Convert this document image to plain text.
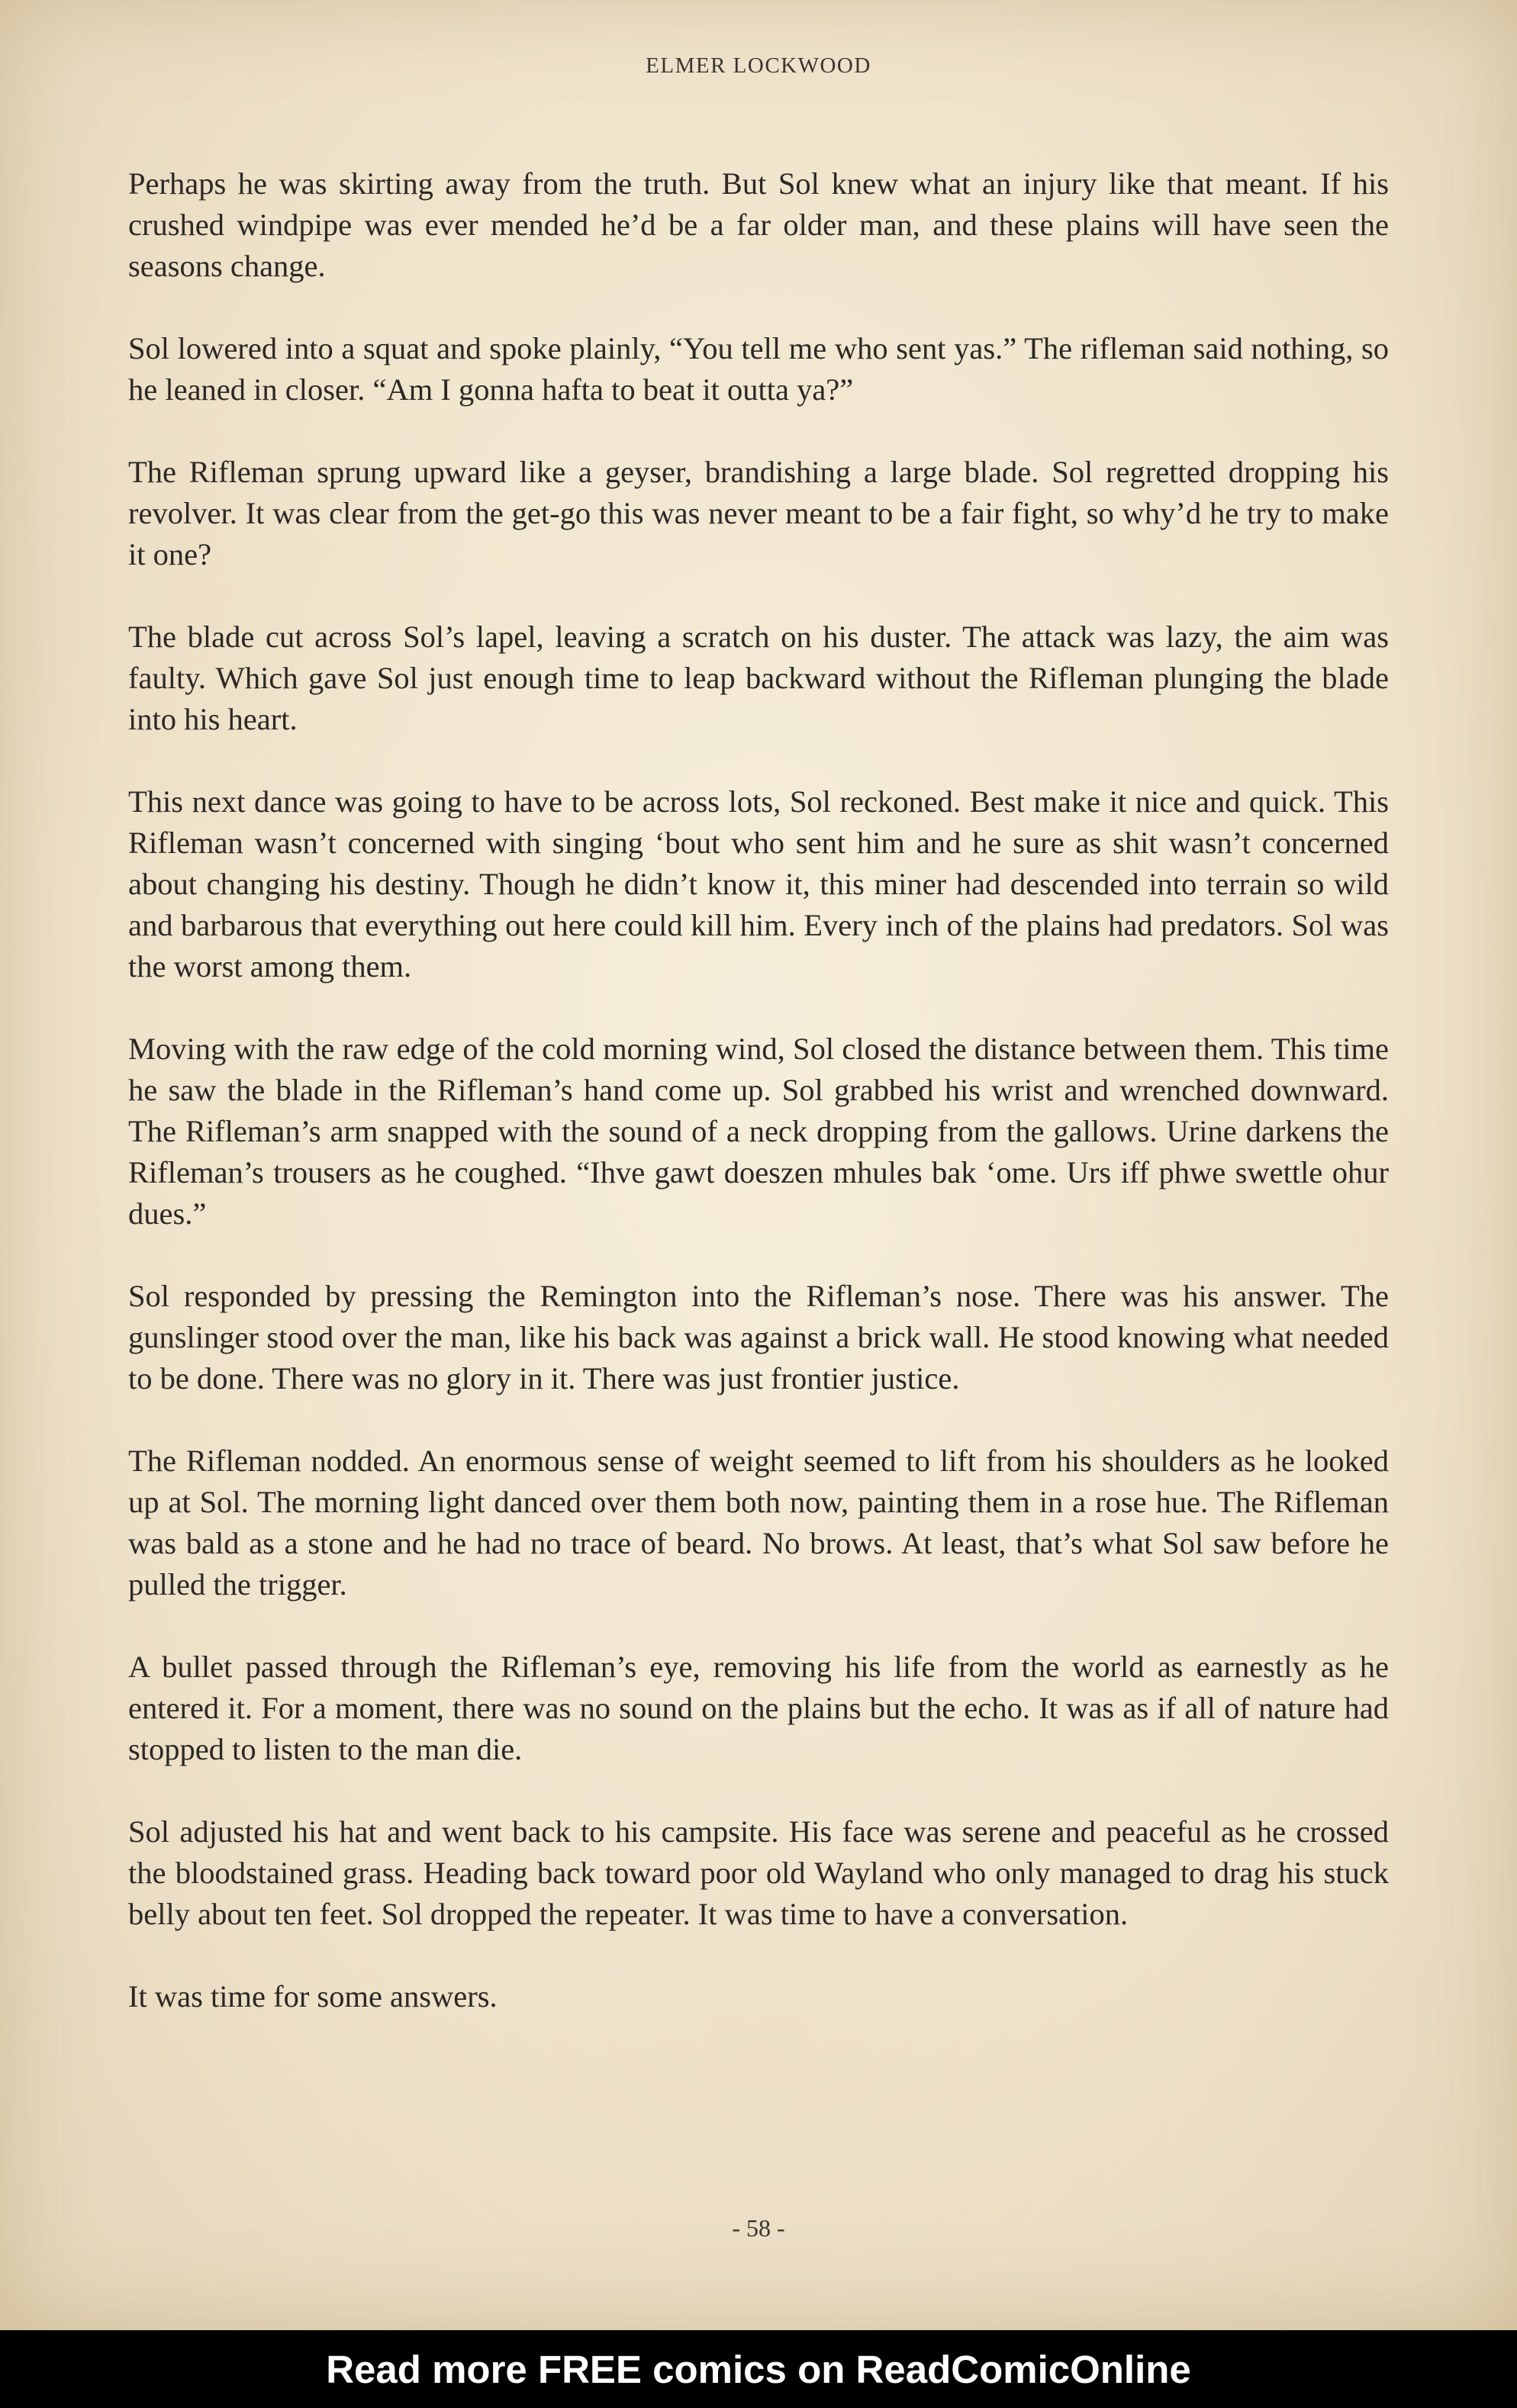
ELMER LOCKWOOD

Perhaps he was skirting away from the truth. But Sol knew what an injury like that meant. If his crushed windpipe was ever mended he’d be a far older man, and these plains will have seen the seasons change.

Sol lowered into a squat and spoke plainly, “You tell me who sent yas.” The rifleman said nothing, so he leaned in closer. “Am I gonna hafta to beat it outta ya?”

The Rifleman sprung upward like a geyser, brandishing a large blade. Sol regretted dropping his revolver. It was clear from the get-go this was never meant to be a fair fight, so why’d he try to make it one?

The blade cut across Sol’s lapel, leaving a scratch on his duster. The attack was lazy, the aim was faulty. Which gave Sol just enough time to leap backward without the Rifleman plunging the blade into his heart.

This next dance was going to have to be across lots, Sol reckoned. Best make it nice and quick. This Rifleman wasn’t concerned with singing ‘bout who sent him and he sure as shit wasn’t concerned about changing his destiny. Though he didn’t know it, this miner had descended into terrain so wild and barbarous that everything out here could kill him. Every inch of the plains had predators. Sol was the worst among them.

Moving with the raw edge of the cold morning wind, Sol closed the distance between them. This time he saw the blade in the Rifleman’s hand come up. Sol grabbed his wrist and wrenched downward. The Rifleman’s arm snapped with the sound of a neck dropping from the gallows. Urine darkens the Rifleman’s trousers as he coughed. “Ihve gawt doeszen mhules bak ‘ome. Urs iff phwe swettle ohur dues.”

Sol responded by pressing the Remington into the Rifleman’s nose. There was his answer. The gunslinger stood over the man, like his back was against a brick wall. He stood knowing what needed to be done. There was no glory in it. There was just frontier justice.

The Rifleman nodded. An enormous sense of weight seemed to lift from his shoulders as he looked up at Sol. The morning light danced over them both now, painting them in a rose hue. The Rifleman was bald as a stone and he had no trace of beard. No brows. At least, that’s what Sol saw before he pulled the trigger.

A bullet passed through the Rifleman’s eye, removing his life from the world as earnestly as he entered it. For a moment, there was no sound on the plains but the echo. It was as if all of nature had stopped to listen to the man die.

Sol adjusted his hat and went back to his campsite. His face was serene and peaceful as he crossed the bloodstained grass. Heading back toward poor old Wayland who only managed to drag his stuck belly about ten feet. Sol dropped the repeater. It was time to have a conversation.

It was time for some answers.

- 58 -
Read more FREE comics on ReadComicOnline
